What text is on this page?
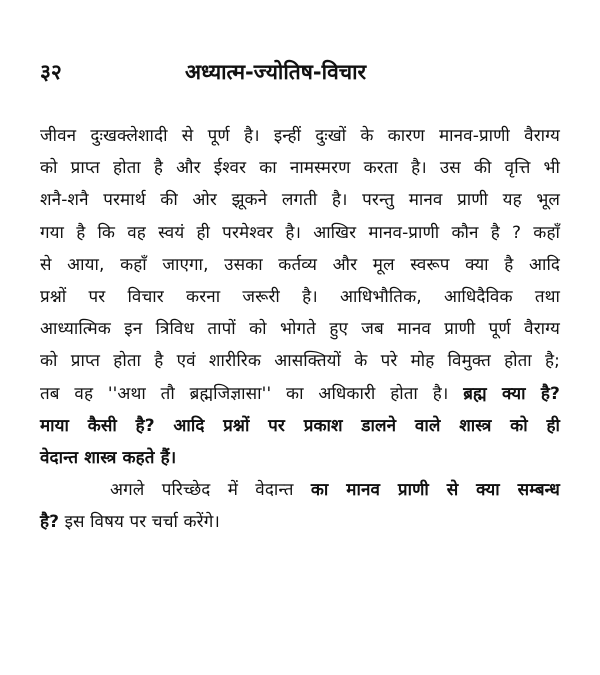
३२	अध्यात्म-ज्योतिष-विचार
जीवन दुःखक्लेशादी से पूर्ण है। इन्हीं दुःखों के कारण मानव-प्राणी वैराग्य
को प्राप्त होता है और ईश्वर का नामस्मरण करता है। उस की वृत्ति भी
शनै-शनै परमार्थ की ओर झूकने लगती है। परन्तु मानव प्राणी यह भूल
गया है कि वह स्वयं ही परमेश्वर है। आखिर मानव-प्राणी कौन है ? कहाँ
से आया, कहाँ जाएगा, उसका कर्तव्य और मूल स्वरूप क्या है आदि
प्रश्नों पर विचार करना जरूरी है। आधिभौतिक, आधिदैविक तथा
आध्यात्मिक इन त्रिविध तापों को भोगते हुए जब मानव प्राणी पूर्ण वैराग्य
को प्राप्त होता है एवं शारीरिक आसक्तियों के परे मोह विमुक्त होता है;
तब वह ''अथा तौ ब्रह्मजिज्ञासा'' का अधिकारी होता है। ब्रह्म क्या है?
माया कैसी है? आदि प्रश्नों पर प्रकाश डालने वाले शास्त्र को ही
वेदान्त शास्त्र कहते हैं।
अगले परिच्छेद में वेदान्त का मानव प्राणी से क्या सम्बन्ध
है? इस विषय पर चर्चा करेंगे।
